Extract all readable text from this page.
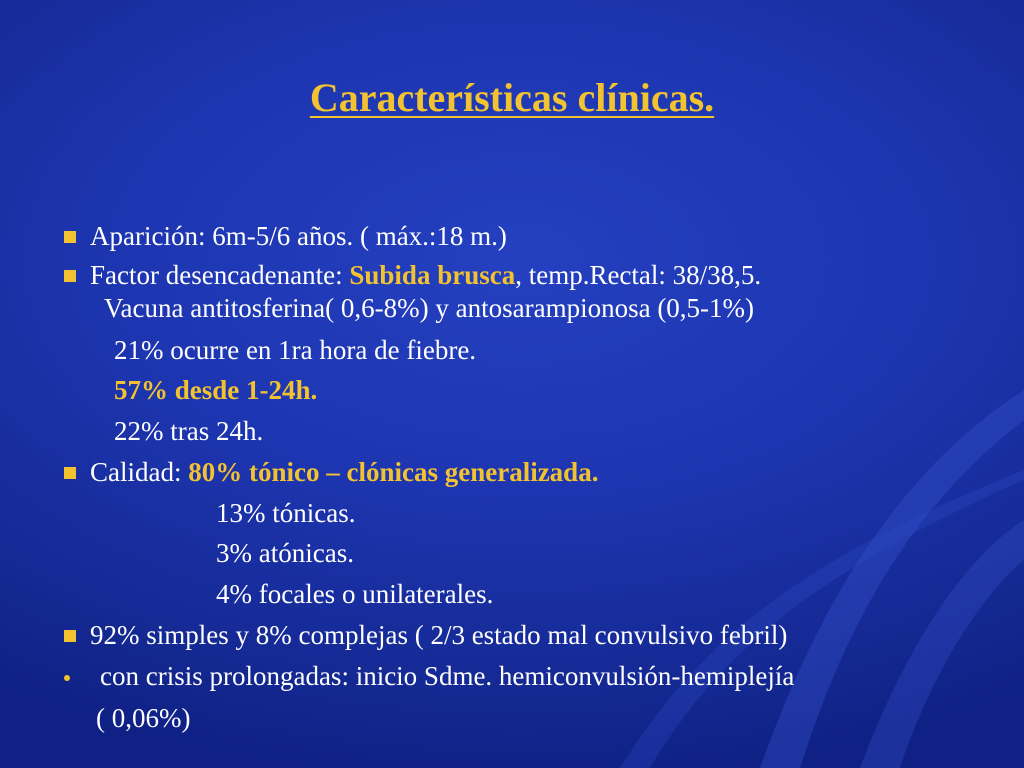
Características clínicas.
Aparición: 6m-5/6 años. ( máx.:18 m.)
Factor desencadenante: Subida brusca, temp.Rectal: 38/38,5.
Vacuna antitosferina( 0,6-8%) y antosarampionosa (0,5-1%)
21% ocurre en 1ra hora de fiebre.
57% desde 1-24h.
22% tras 24h.
Calidad: 80% tónico – clónicas generalizada.
13% tónicas.
3% atónicas.
4% focales o unilaterales.
92% simples y 8% complejas ( 2/3 estado mal convulsivo febril)
con crisis prolongadas: inicio Sdme. hemiconvulsión-hemiplejía
( 0,06%)
